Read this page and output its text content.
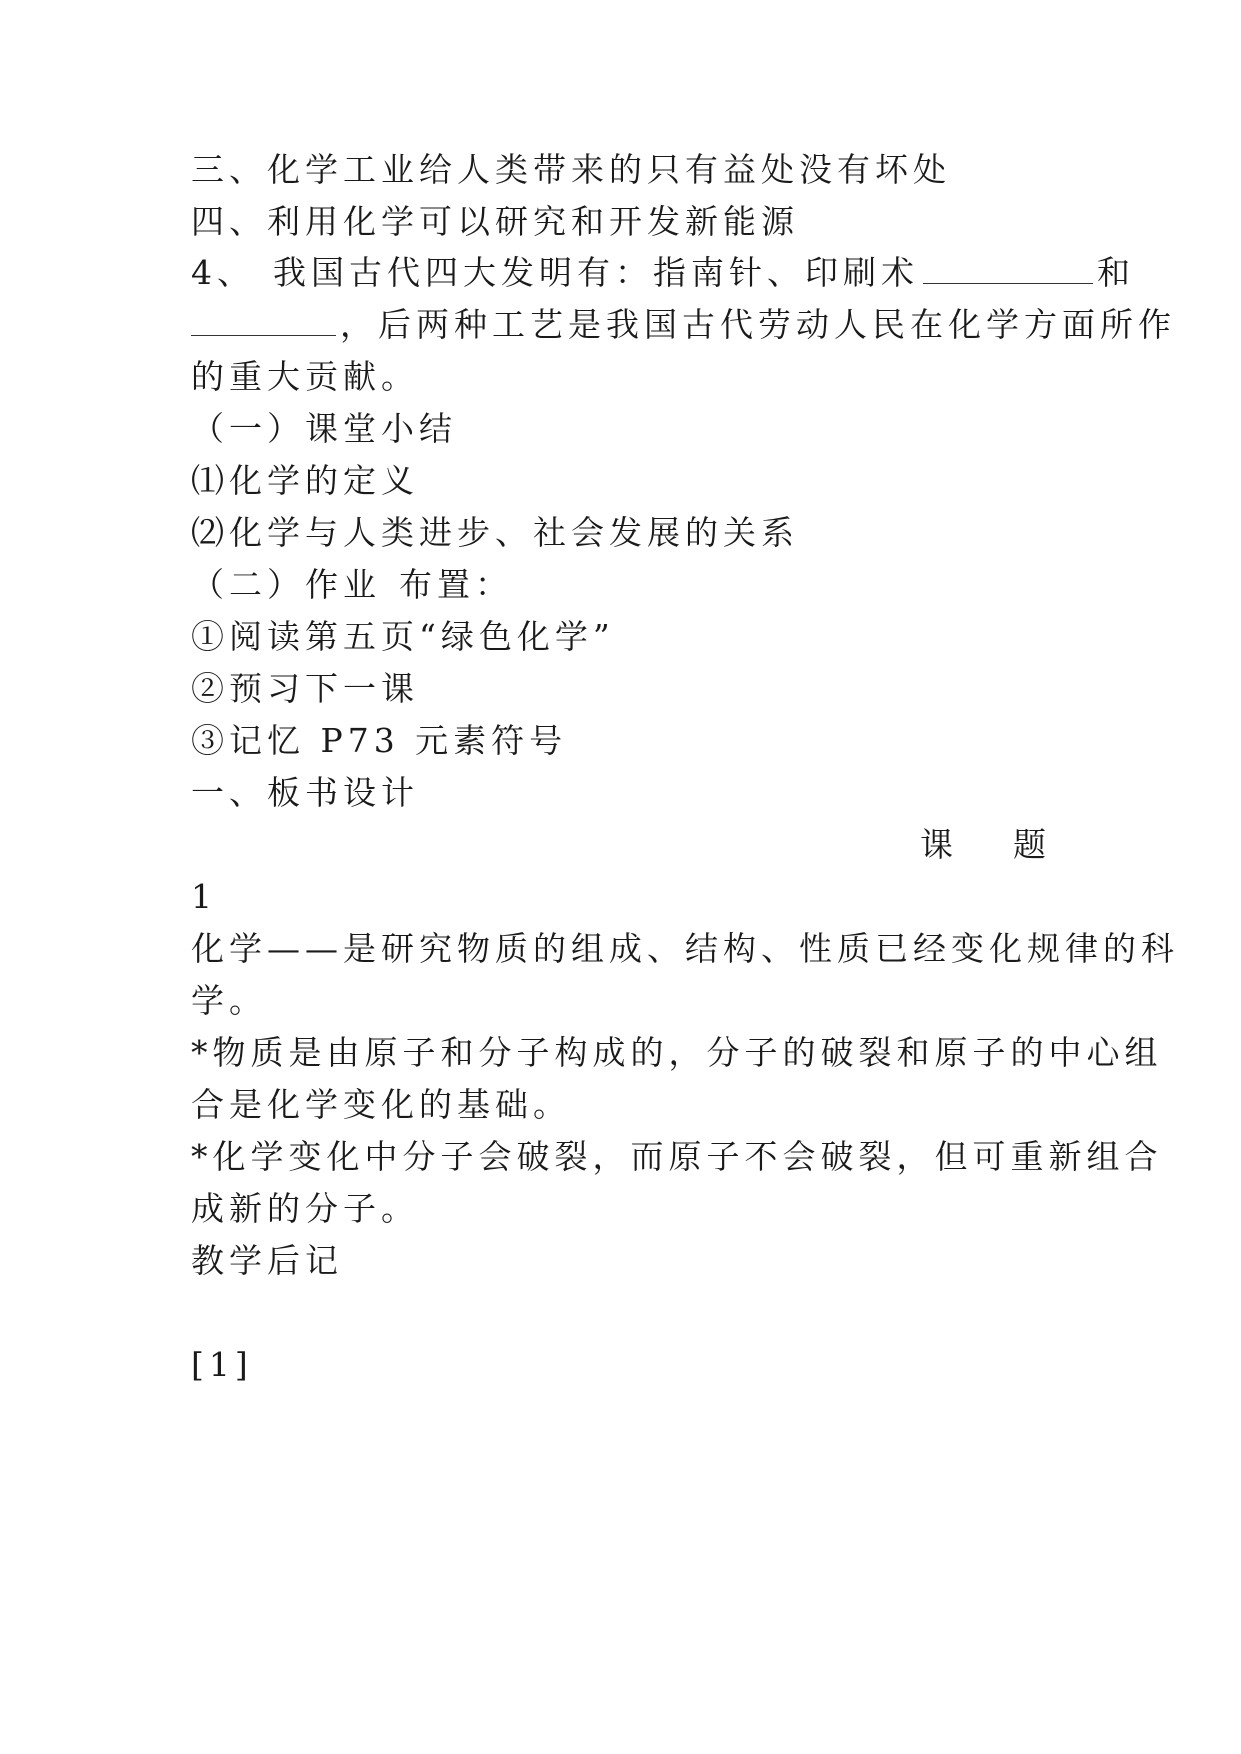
三、化学工业给人类带来的只有益处没有坏处
四、利用化学可以研究和开发新能源
4、 我国古代四大发明有：指南针、印刷术	和
，后两种工艺是我国古代劳动人民在化学方面所作
的重大贡献。
（一）课堂小结
⑴化学的定义
⑵化学与人类进步、社会发展的关系
（二）作业 布置：
①阅读第五页“绿色化学”
②预习下一课
③记忆 P73 元素符号
一、板书设计
课 题
1
化学——是研究物质的组成、结构、性质已经变化规律的科
学。
*物质是由原子和分子构成的，分子的破裂和原子的中心组
合是化学变化的基础。
*化学变化中分子会破裂，而原子不会破裂，但可重新组合
成新的分子。
教学后记
[1]
